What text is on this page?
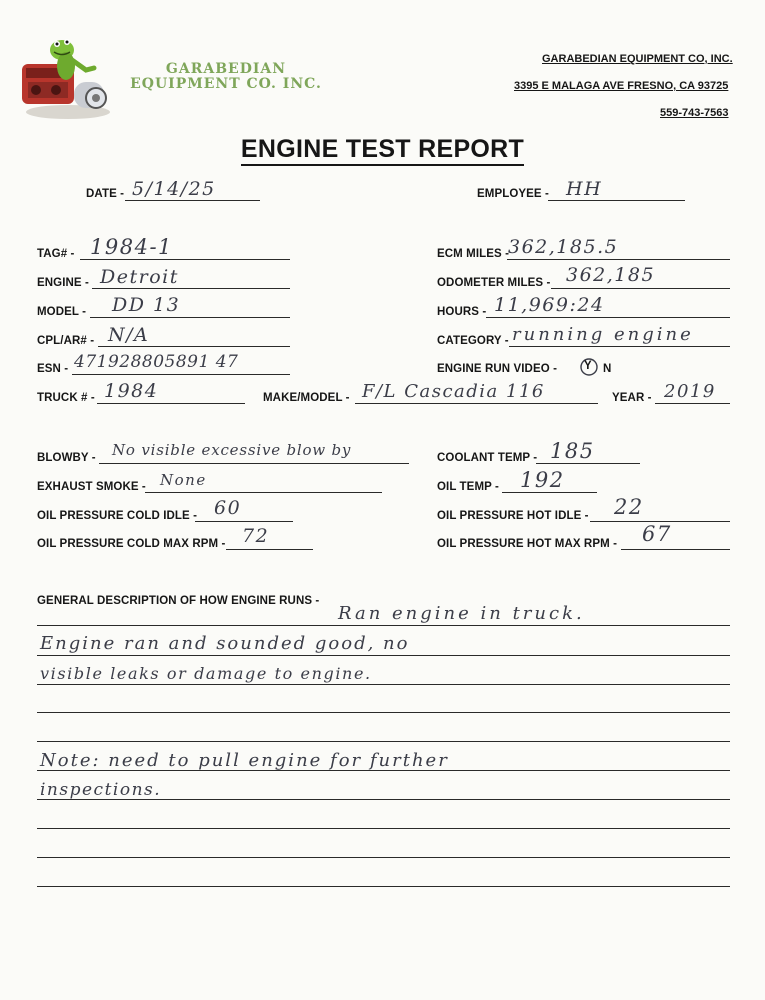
GARABEDIAN
EQUIPMENT CO. INC.
GARABEDIAN EQUIPMENT CO, INC.
3395 E MALAGA AVE FRESNO, CA 93725
559-743-7563
ENGINE TEST REPORT
DATE - 5/14/25	EMPLOYEE - HH
TAG# - 1984-1
ENGINE - Detroit
MODEL - DD 13
CPL/AR# - N/A
ESN - 471928805891 47
ECM MILES -
362,185.5
ODOMETER MILES - 362,185
HOURS - 11,969:24
CATEGORY - running engine
ENGINE RUN VIDEO - Y N
TRUCK # - 1984	MAKE/MODEL - F/L Cascadia 116	YEAR - 2019
BLOWBY - No visible excessive blow by
EXHAUST SMOKE - None
OIL PRESSURE COLD IDLE - 60
OIL PRESSURE COLD MAX RPM - 72
COOLANT TEMP - 185
OIL TEMP - 192
OIL PRESSURE HOT IDLE - 22
OIL PRESSURE HOT MAX RPM - 67
GENERAL DESCRIPTION OF HOW ENGINE RUNS -
Ran engine in truck.
Engine ran and sounded good, no
visible leaks or damage to engine.
Note: need to pull engine for further
inspections.
